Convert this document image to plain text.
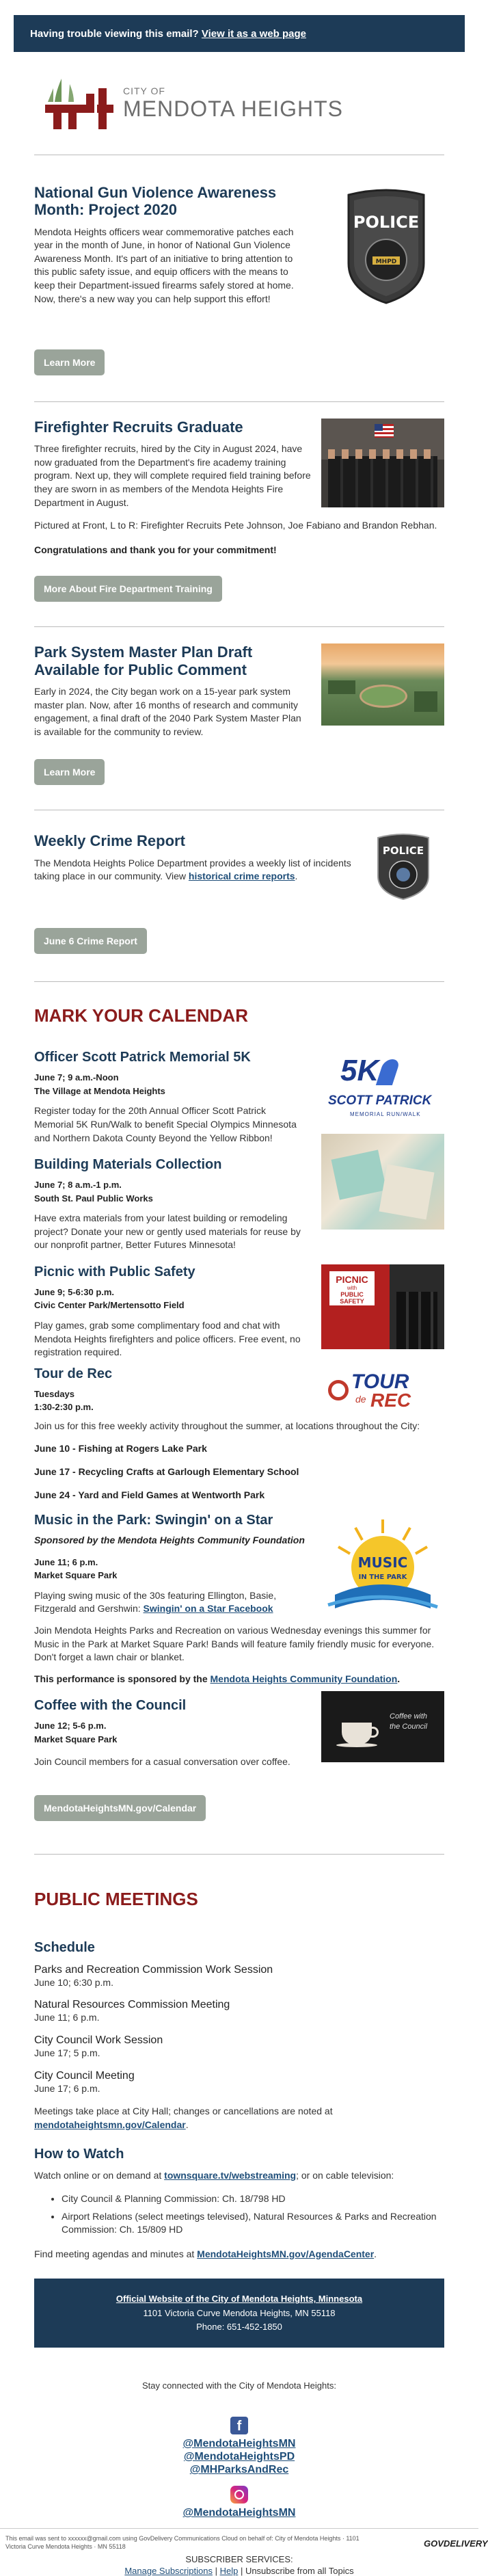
Having trouble viewing this email?
View it as a web page
CITY OF
MENDOTA HEIGHTS
National Gun Violence Awareness Month: Project 2020

Mendota Heights officers wear commemorative patches each year in the month of June, in honor of National Gun Violence Awareness Month. It's part of an initiative to bring attention to this public safety issue, and equip officers with the means to keep their Department-issued firearms safely stored at home. Now, there's a new way you can help support this effort!

POLICE
MHPD
Learn More
Firefighter Recruits Graduate

Three firefighter recruits, hired by the City in August 2024, have now graduated from the Department's fire academy training program. Next up, they will complete required field training before they are sworn in as members of the Mendota Heights Fire Department in August.

Pictured at Front, L to R: Firefighter Recruits Pete Johnson, Joe Fabiano and Brandon Rebhan.

Congratulations and thank you for your commitment!

More About Fire Department Training
Park System Master Plan Draft Available for Public Comment

Early in 2024, the City began work on a 15-year park system master plan. Now, after 16 months of research and community engagement, a final draft of the 2040 Park System Master Plan is available for the community to review.

Learn More
Weekly Crime Report

The Mendota Heights Police Department provides a weekly list of incidents taking place in our community. View historical crime reports.

POLICE
June 6 Crime Report
MARK YOUR CALENDAR
Officer Scott Patrick Memorial 5K
June 7; 9 a.m.-Noon
The Village at Mendota Heights

Register today for the 20th Annual Officer Scott Patrick Memorial 5K Run/Walk to benefit Special Olympics Minnesota and Northern Dakota County Beyond the Yellow Ribbon!

5K
SCOTT PATRICK
MEMORIAL RUN/WALK
Building Materials Collection
June 7; 8 a.m.-1 p.m.
South St. Paul Public Works

Have extra materials from your latest building or remodeling project? Donate your new or gently used materials for reuse by our nonprofit partner, Better Futures Minnesota!

Picnic with Public Safety
June 9; 5-6:30 p.m.
Civic Center Park/Mertensotto Field

Play games, grab some complimentary food and chat with Mendota Heights firefighters and police officers. Free event, no registration required.

PICNIC
with
PUBLIC SAFETY
Tour de Rec
Tuesdays
1:30-2:30 p.m.
TOUR
de REC

Join us for this free weekly activity throughout the summer, at locations throughout the City:

June 10 - Fishing at Rogers Lake Park

June 17 - Recycling Crafts at Garlough Elementary School

June 24 - Yard and Field Games at Wentworth Park

Music in the Park: Swingin' on a Star

Sponsored by the Mendota Heights Community Foundation

June 11; 6 p.m.
Market Square Park

Playing swing music of the 30s featuring Ellington, Basie, Fitzgerald and Gershwin: Swingin' on a Star Facebook

MUSIC
IN THE PARK

Join Mendota Heights Parks and Recreation on various Wednesday evenings this summer for Music in the Park at Market Square Park! Bands will feature family friendly music for everyone. Don't forget a lawn chair or blanket.

This performance is sponsored by the Mendota Heights Community Foundation.

Coffee with the Council
June 12; 5-6 p.m.
Market Square Park

Join Council members for a casual conversation over coffee.

Coffee with the Council
MendotaHeightsMN.gov/Calendar
PUBLIC MEETINGS
Schedule
Parks and Recreation Commission Work Session

June 10; 6:30 p.m.

Natural Resources Commission Meeting

June 11; 6 p.m.

City Council Work Session

June 17; 5 p.m.

City Council Meeting

June 17; 6 p.m.

Meetings take place at City Hall; changes or cancellations are noted at mendotaheightsmn.gov/Calendar.

How to Watch

Watch online or on demand at townsquare.tv/webstreaming; or on cable television:

• City Council & Planning Commission: Ch. 18/798 HD
• Airport Relations (select meetings televised), Natural Resources & Parks and Recreation Commission: Ch. 15/809 HD

Find meeting agendas and minutes at MendotaHeightsMN.gov/AgendaCenter.

Official Website of the City of Mendota Heights, Minnesota
1101 Victoria Curve Mendota Heights, MN 55118
Phone: 651-452-1850

Stay connected with the City of Mendota Heights:

f
@MendotaHeightsMN
@MendotaHeightsPD
@MHParksAndRec
@MendotaHeightsMN

SUBSCRIBER SERVICES:

Manage Subscriptions | Help | Unsubscribe from all Topics

This email was sent to xxxxxx@gmail.com using GovDelivery Communications Cloud on behalf of: City of Mendota Heights · 1101 Victoria Curve Mendota Heights · MN 55118	GOVDELIVERY
